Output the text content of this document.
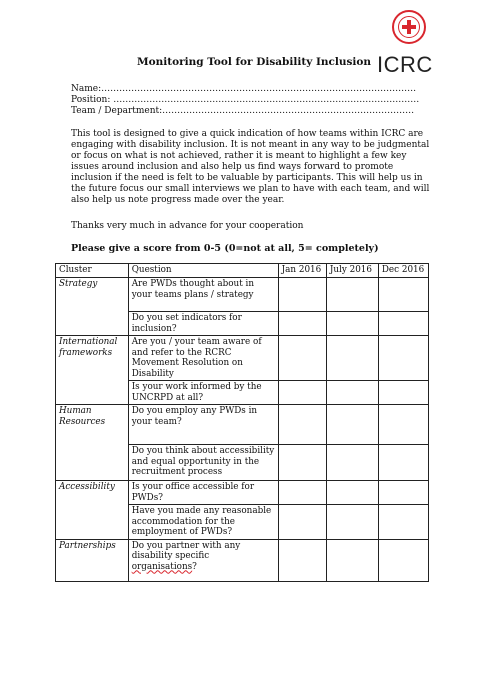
ICRC
Monitoring Tool for Disability Inclusion
Name:……………………………………………………………………………………………
Position: …………………………………………………………………………………………
Team / Department:…………………………………………………………………………
This tool is designed to give a quick indication of how teams within ICRC are engaging with disability inclusion. It is not meant in any way to be judgmental or focus on what is not achieved, rather it is meant to highlight a few key issues around inclusion and also help us find ways forward to promote inclusion if the need is felt to be valuable by participants. This will help us in the future focus our small interviews we plan to have with each team, and will also help us note progress made over the year.
Thanks very much in advance for your cooperation
Please give a score from 0-5 (0=not at all, 5= completely)
Cluster	Question	Jan 2016	July 2016	Dec 2016
Strategy	Are PWDs thought about in your teams plans / strategy			
	Do you set indicators for inclusion?			
International frameworks	Are you / your team aware of and refer to the RCRC Movement Resolution on Disability			
	Is your work informed by the UNCRPD at all?			
Human Resources	Do you employ any PWDs in your team?			
	Do you think about accessibility and equal opportunity in the recruitment process			
Accessibility	Is your office accessible for PWDs?			
	Have you made any reasonable accommodation for the employment of PWDs?			
Partnerships	Do you partner with any disability specific organisations?			
